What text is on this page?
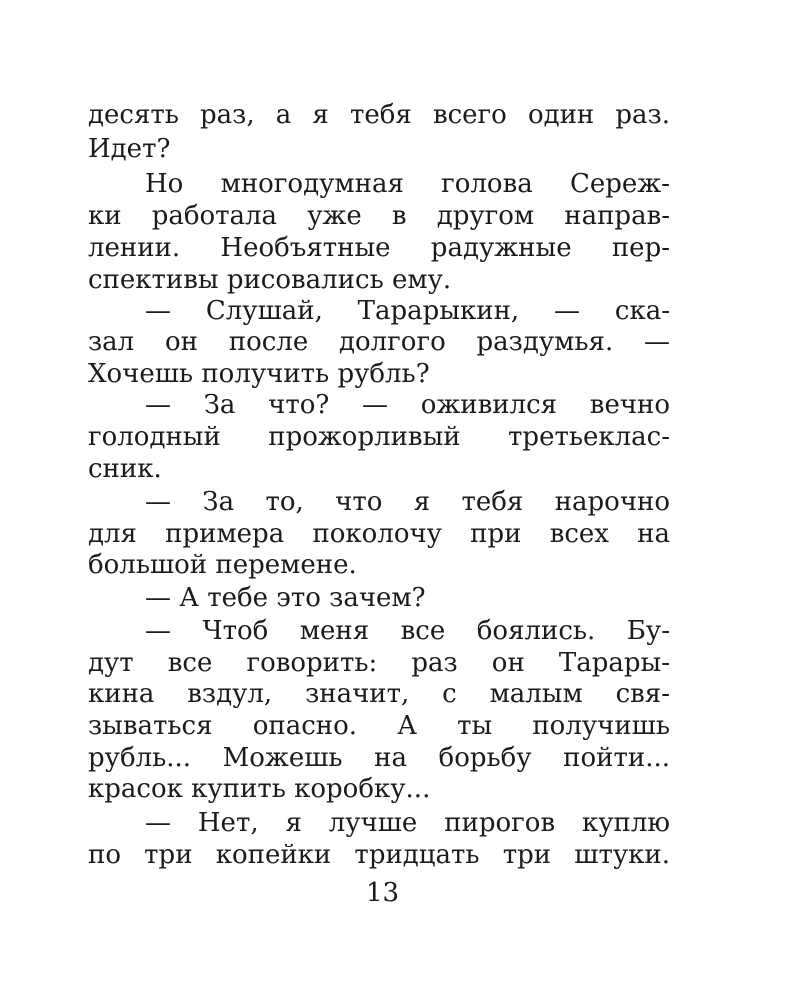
десять раз, а я тебя всего один раз.
Идет?
Но многодумная голова Сереж-
ки работала уже в другом направ-
лении. Необъятные радужные пер-
спективы рисовались ему.
— Слушай, Тарарыкин, — ска-
зал он после долгого раздумья. —
Хочешь получить рубль?
— За что? — оживился вечно
голодный прожорливый третьеклас-
сник.
— За то, что я тебя нарочно
для примера поколочу при всех на
большой перемене.
— А тебе это зачем?
— Чтоб меня все боялись. Бу-
дут все говорить: раз он Тарары-
кина вздул, значит, с малым свя-
зываться опасно. А ты получишь
рубль... Можешь на борьбу пойти...
красок купить коробку...
— Нет, я лучше пирогов куплю
по три копейки тридцать три штуки.
13
